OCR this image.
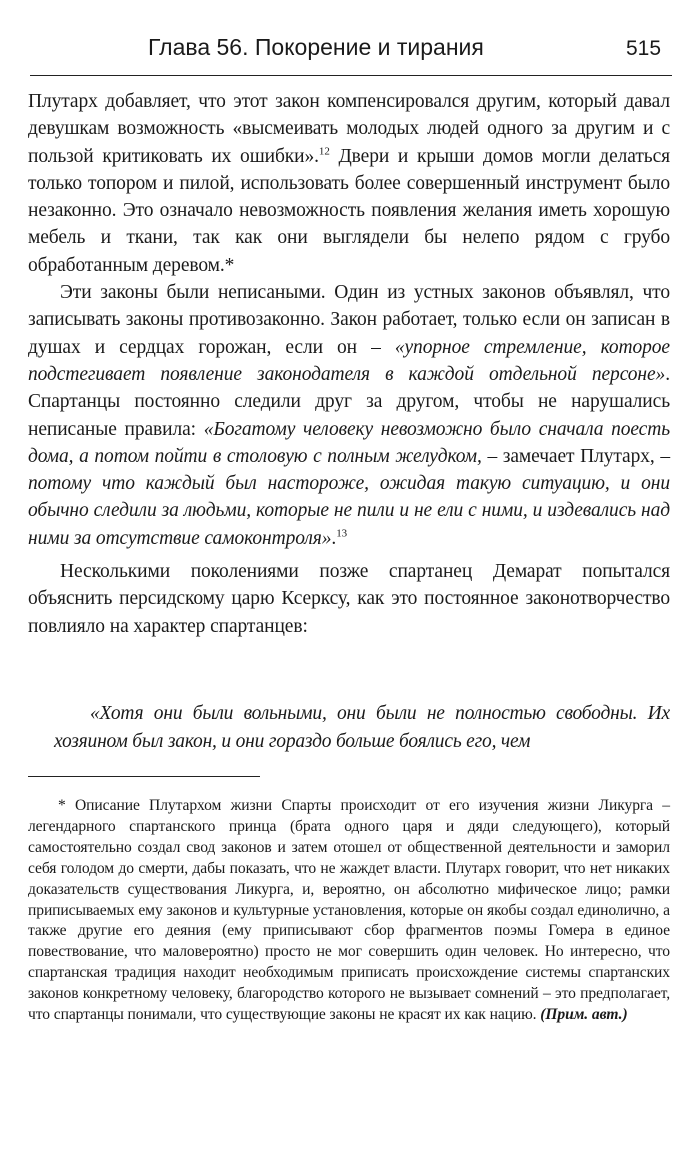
Глава 56. Покорение и тирания	515

Плутарх добавляет, что этот закон компенсировался другим, который давал девушкам возможность «высмеивать молодых людей одного за другим и с пользой критиковать их ошибки».$^{12}$ Двери и крыши домов могли делаться только топором и пилой, использовать более совершенный инструмент было незаконно. Это означало невозможность появления желания иметь хорошую мебель и ткани, так как они выглядели бы нелепо рядом с грубо обработанным деревом.*

Эти законы были неписаными. Один из устных законов объявлял, что записывать законы противозаконно. Закон работает, только если он записан в душах и сердцах горожан, если он – «упорное стремление, которое подстегивает появление законодателя в каждой отдельной персоне». Спартанцы постоянно следили друг за другом, чтобы не нарушались неписаные правила: «Богатому человеку невозможно было сначала поесть дома, а потом пойти в столовую с полным желудком, – замечает Плутарх, – потому что каждый был настороже, ожидая такую ситуацию, и они обычно следили за людьми, которые не пили и не ели с ними, и издевались над ними за отсутствие самоконтроля».$^{13}$

Несколькими поколениями позже спартанец Демарат попытался объяснить персидскому царю Ксерксу, как это постоянное законотворчество повлияло на характер спартанцев:

«Хотя они были вольными, они были не полностью свободны. Их хозяином был закон, и они гораздо больше боялись его, чем

* Описание Плутархом жизни Спарты происходит от его изучения жизни Ликурга – легендарного спартанского принца (брата одного царя и дяди следующего), который самостоятельно создал свод законов и затем отошел от общественной деятельности и заморил себя голодом до смерти, дабы показать, что не жаждет власти. Плутарх говорит, что нет никаких доказательств существования Ликурга, и, вероятно, он абсолютно мифическое лицо; рамки приписываемых ему законов и культурные установления, которые он якобы создал единолично, а также другие его деяния (ему приписывают сбор фрагментов поэмы Гомера в единое повествование, что маловероятно) просто не мог совершить один человек. Но интересно, что спартанская традиция находит необходимым приписать происхождение системы спартанских законов конкретному человеку, благородство которого не вызывает сомнений – это предполагает, что спартанцы понимали, что существующие законы не красят их как нацию. (Прим. авт.)
